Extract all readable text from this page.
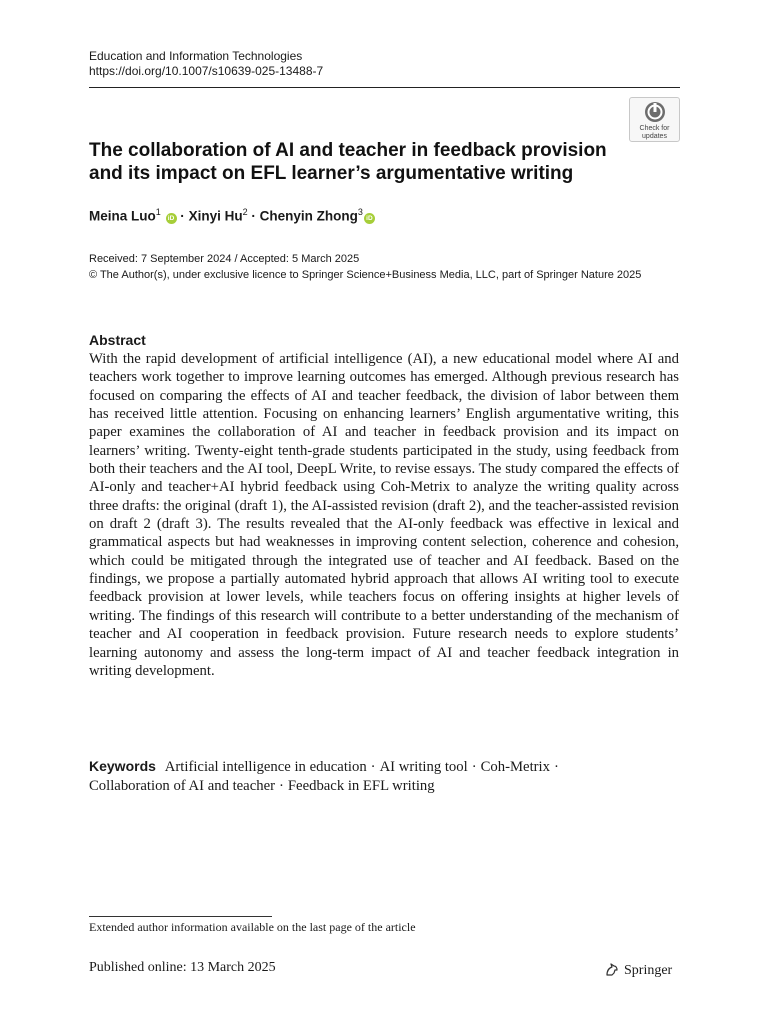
Education and Information Technologies
https://doi.org/10.1007/s10639-025-13488-7
Check for
updates
The collaboration of AI and teacher in feedback provision and its impact on EFL learner’s argumentative writing
Meina Luo$^1$ iD · Xinyi $Hu^2$ · Chenyin Zhong$^3$iD
Received: 7 September 2024 / Accepted: 5 March 2025
© The Author(s), under exclusive licence to Springer Science+Business Media, LLC, part of Springer Nature 2025
Abstract
With the rapid development of artificial intelligence (AI), a new educational model where AI and teachers work together to improve learning outcomes has emerged. Although previous research has focused on comparing the effects of AI and teacher feedback, the division of labor between them has received little attention. Focusing on enhancing learners’ English argumentative writing, this paper examines the collaboration of AI and teacher in feedback provision and its impact on learners’ writing. Twenty-eight tenth-grade students participated in the study, using feedback from both their teachers and the AI tool, DeepL Write, to revise essays. The study compared the effects of AI-only and teacher+AI hybrid feedback using Coh-Metrix to analyze the writing quality across three drafts: the original (draft 1), the AI-assisted revision (draft 2), and the teacher-assisted revision on draft 2 (draft 3). The results revealed that the AI-only feedback was effective in lexical and grammatical aspects but had weaknesses in improving content selection, coherence and cohesion, which could be mitigated through the integrated use of teacher and AI feedback. Based on the findings, we propose a partially automated hybrid approach that allows AI writing tool to execute feedback provision at lower levels, while teachers focus on offering insights at higher levels of writing. The findings of this research will contribute to a better understanding of the mechanism of teacher and AI cooperation in feedback provision. Future research needs to explore students’ learning autonomy and assess the long-term impact of AI and teacher feedback integration in writing development.
Keywords Artificial intelligence in education · AI writing tool · Coh-Metrix ·
Collaboration of AI and teacher · Feedback in EFL writing
Extended author information available on the last page of the article
Published online: 13 March 2025	Springer
